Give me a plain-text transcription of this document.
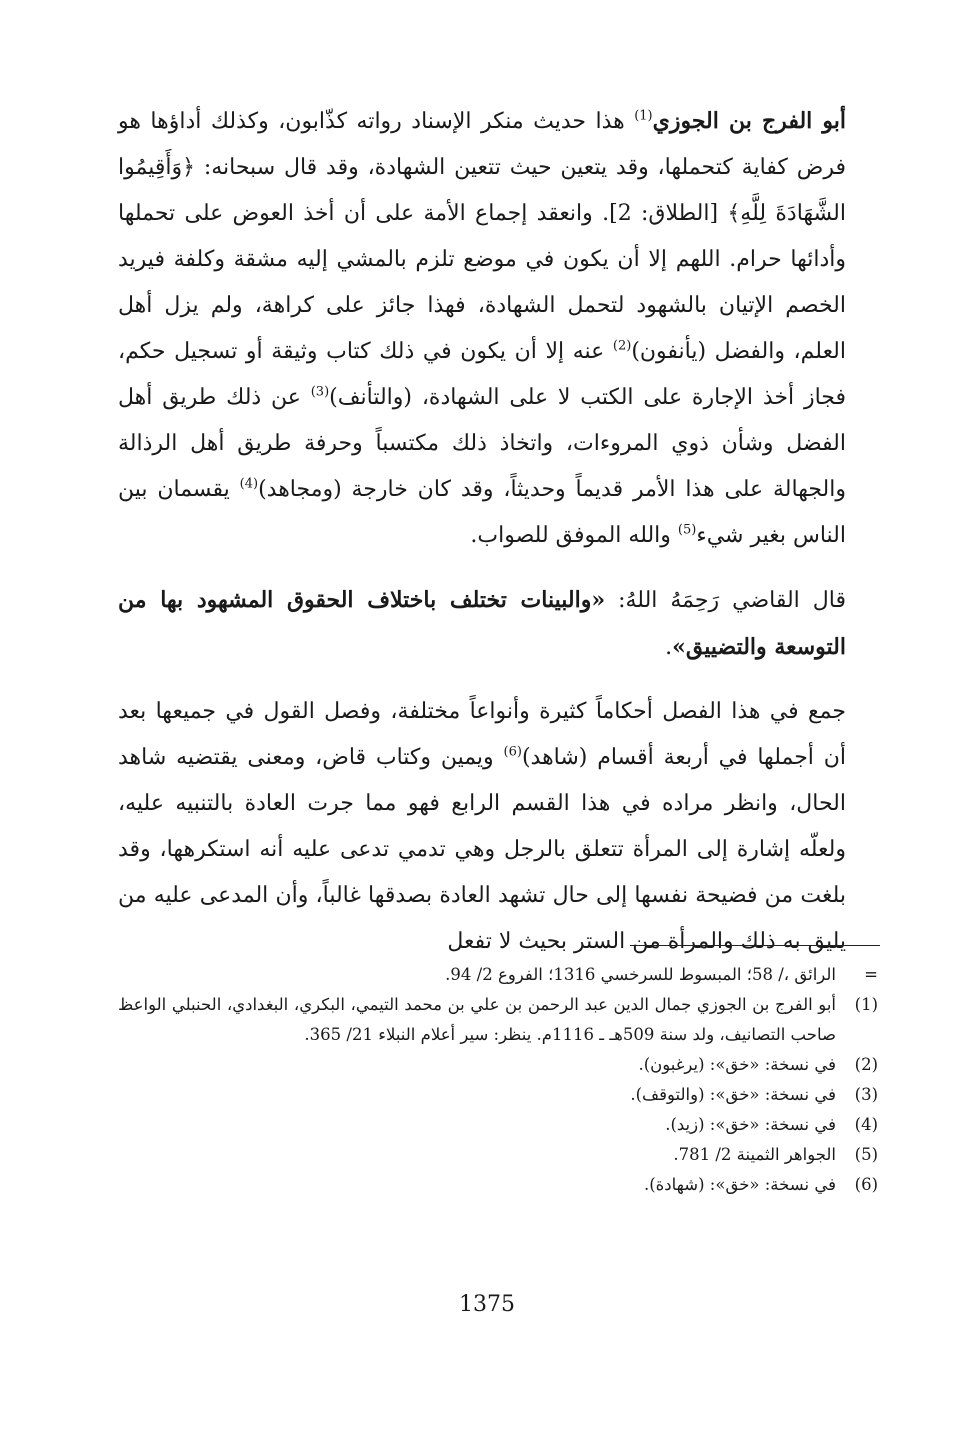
أبو الفرج بن الجوزي$^{(1)}$ هذا حديث منكر الإسناد رواته كذّابون، وكذلك أداؤها هو فرض كفاية كتحملها، وقد يتعين حيث تتعين الشهادة، وقد قال سبحانه: ﴿وَأَقِيمُوا الشَّهَادَةَ لِلَّهِ﴾ [الطلاق: 2]. وانعقد إجماع الأمة على أن أخذ العوض على تحملها وأدائها حرام. اللهم إلا أن يكون في موضع تلزم بالمشي إليه مشقة وكلفة فيريد الخصم الإتيان بالشهود لتحمل الشهادة، فهذا جائز على كراهة، ولم يزل أهل العلم، والفضل (يأنفون)$^{(2)}$ عنه إلا أن يكون في ذلك كتاب وثيقة أو تسجيل حكم، فجاز أخذ الإجارة على الكتب لا على الشهادة، (والتأنف)$^{(3)}$ عن ذلك طريق أهل الفضل وشأن ذوي المروءات، واتخاذ ذلك مكتسباً وحرفة طريق أهل الرذالة والجهالة على هذا الأمر قديماً وحديثاً، وقد كان خارجة (ومجاهد)$^{(4)}$ يقسمان بين الناس بغير شيء$^{(5)}$ والله الموفق للصواب.

قال القاضي رَحِمَهُ اللهُ: «والبينات تختلف باختلاف الحقوق المشهود بها من التوسعة والتضييق».

جمع في هذا الفصل أحكاماً كثيرة وأنواعاً مختلفة، وفصل القول في جميعها بعد أن أجملها في أربعة أقسام (شاهد)$^{(6)}$ ويمين وكتاب قاض، ومعنى يقتضيه شاهد الحال، وانظر مراده في هذا القسم الرابع فهو مما جرت العادة بالتنبيه عليه، ولعلّه إشارة إلى المرأة تتعلق بالرجل وهي تدمي تدعى عليه أنه استكرهها، وقد بلغت من فضيحة نفسها إلى حال تشهد العادة بصدقها غالباً، وأن المدعى عليه من يليق به ذلك والمرأة من الستر بحيث لا تفعل

=
الرائق ،/ 58؛ المبسوط للسرخسي 1316؛ الفروع 2/ 94.
(1)
أبو الفرج بن الجوزي جمال الدين عبد الرحمن بن علي بن محمد التيمي، البكري، البغدادي، الحنبلي الواعظ صاحب التصانيف، ولد سنة 509هـ ـ 1116م. ينظر: سير أعلام النبلاء 21/ 365.
(2)
في نسخة: «خق»: (يرغبون).
(3)
في نسخة: «خق»: (والتوقف).
(4)
في نسخة: «خق»: (زيد).
(5)
الجواهر الثمينة 2/ 781.
(6)
في نسخة: «خق»: (شهادة).
1375
